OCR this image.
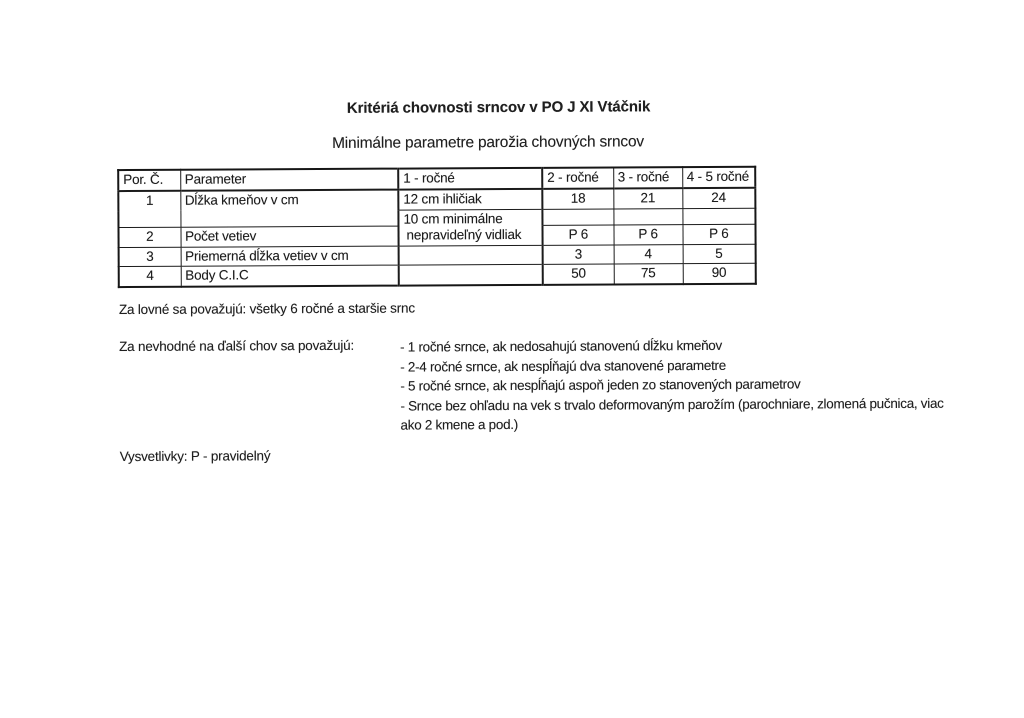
Kritériá chovnosti srncov v PO J XI Vtáčnik
Minimálne parametre parožia chovných srncov
Por. Č.	Parameter	1 - ročné	2 - ročné	3 - ročné	4 - 5 ročné
1	Dĺžka kmeňov v cm	12 cm ihličiak	18	21	24

		10 cm minimálne
nepravideľný vidliak			

2	Počet vetiev		P 6	P 6	P 6
3	Priemerná dĺžka vetiev v cm		3	4	5
4	Body C.I.C		50	75	90
Za lovné sa považujú: všetky 6 ročné a staršie srnc
Za nevhodné na ďalší chov sa považujú:	- 1 ročné srnce, ak nedosahujú stanovenú dĺžku kmeňov
- 2-4 ročné srnce, ak nespĺňajú dva stanovené parametre
- 5 ročné srnce, ak nespĺňajú aspoň jeden zo stanovených parametrov
- Srnce bez ohľadu na vek s trvalo deformovaným parožím (parochniare, zlomená pučnica, viac ako 2 kmene a pod.)
Vysvetlivky: P - pravidelný
